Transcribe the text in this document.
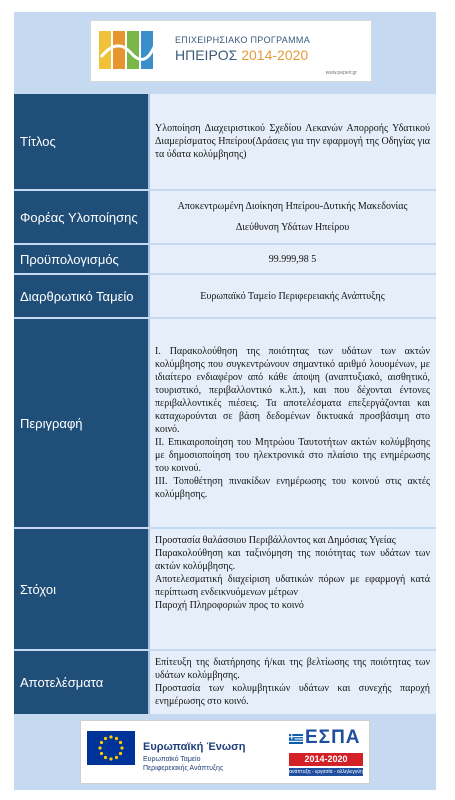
ΕΠΙΧΕΙΡΗΣΙΑΚΟ ΠΡΟΓΡΑΜΜΑ
ΗΠΕΙΡΟΣ 2014-2020
www.pepeir.gr
Τίτλος

Υλοποίηση Διαχειριστικού Σχεδίου Λεκανών Απορροής Υδατικού Διαμερίσματος Ηπείρου(Δράσεις για την εφαρμογή της Οδηγίας για τα ύδατα κολύμβησης)

Φορέας Υλοποίησης

Αποκεντρωμένη Διοίκηση Ηπείρου-Δυτικής Μακεδονίας

Διεύθυνση Υδάτων Ηπείρου

Προϋπολογισμός	99.999,98 5

Διαρθρωτικό Ταμείο	Ευρωπαϊκό Ταμείο Περιφερειακής Ανάπτυξης

Περιγραφή

Ι. Παρακολούθηση της ποιότητας των υδάτων των ακτών κολύμβησης που συγκεντρώνουν σημαντικό αριθμό λουομένων, με ιδιαίτερο ενδιαφέρον από κάθε άποψη (αναπτυξιακό, αισθητικό, τουριστικό, περιβαλλοντικό κ.λπ.), και που δέχονται έντονες περιβαλλοντικές πιέσεις. Τα αποτελέσματα επεξεργάζονται και καταχωρούνται σε βάση δεδομένων δικτυακά προσβάσιμη στο κοινό.

ΙΙ. Επικαιροποίηση του Μητρώου Ταυτοτήτων ακτών κολύμβησης με δημοσιοποίηση του ηλεκτρονικά στο πλαίσιο της ενημέρωσης του κοινού.

ΙΙΙ. Τοποθέτηση πινακίδων ενημέρωσης του κοινού στις ακτές κολύμβησης.

Στόχοι

Προστασία θαλάσσιου Περιβάλλοντος και Δημόσιας Υγείας

Παρακολούθηση και ταξινόμηση της ποιότητας των υδάτων των ακτών κολύμβησης.

Αποτελεσματική διαχείριση υδατικών πόρων με εφαρμογή κατά περίπτωση ενδεικνυόμενων μέτρων

Παροχή Πληροφοριών προς το κοινό

Αποτελέσματα

Επίτευξη της διατήρησης ή/και της βελτίωσης της ποιότητας των υδάτων κολύμβησης.

Προστασία των κολυμβητικών υδάτων και συνεχής παροχή ενημέρωσης στο κοινό.

Ευρωπαϊκή Ένωση
Ευρωπαϊκό Ταμείο
Περιφερειακής Ανάπτυξης
ΕΣΠΑ
2014-2020
ανάπτυξη - εργασία - αλληλεγγύη
